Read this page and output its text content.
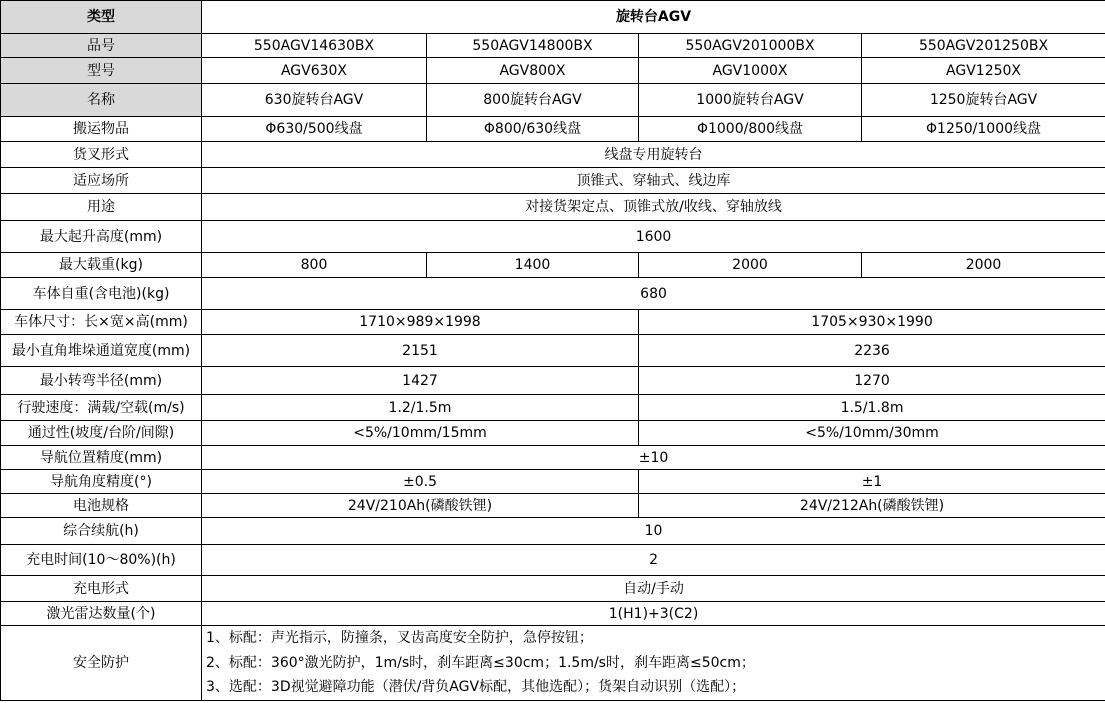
类型	旋转台AGV			
品号	550AGV14630BX	550AGV14800BX	550AGV201000BX	550AGV201250BX
型号	AGV630X	AGV800X	AGV1000X	AGV1250X
名称	630旋转台AGV	800旋转台AGV	1000旋转台AGV	1250旋转台AGV
搬运物品	Φ630/500线盘	Φ800/630线盘	Φ1000/800线盘	Φ1250/1000线盘
货叉形式	线盘专用旋转台			
适应场所	顶锥式、穿轴式、线边库			
用途	对接货架定点、顶锥式放/收线、穿轴放线			
最大起升高度(mm)	1600			
最大载重(kg)	800	1400	2000	2000
车体自重(含电池)(kg)	680			
车体尺寸：长×宽×高(mm)	1710×989×1998		1705×930×1990	
最小直角堆垛通道宽度(mm)	2151		2236	
最小转弯半径(mm)	1427		1270	
行驶速度：满载/空载(m/s)	1.2/1.5m		1.5/1.8m	
通过性(坡度/台阶/间隙)	<5%/10mm/15mm		<5%/10mm/30mm	
导航位置精度(mm)	±10			
导航角度精度(°)	±0.5		±1	
电池规格	24V/210Ah(磷酸铁锂)		24V/212Ah(磷酸铁锂)	
综合续航(h)	10			
充电时间(10～80%)(h)	2			
充电形式	自动/手动			
激光雷达数量(个)	1(H1)+3(C2)			
安全防护	1、标配：声光指示，防撞条，叉齿高度安全防护，急停按钮；
2、标配：360°激光防护，1m/s时，刹车距离≤30cm；1.5m/s时，刹车距离≤50cm；
3、选配：3D视觉避障功能（潜伏/背负AGV标配，其他选配）；货架自动识别（选配）；			
